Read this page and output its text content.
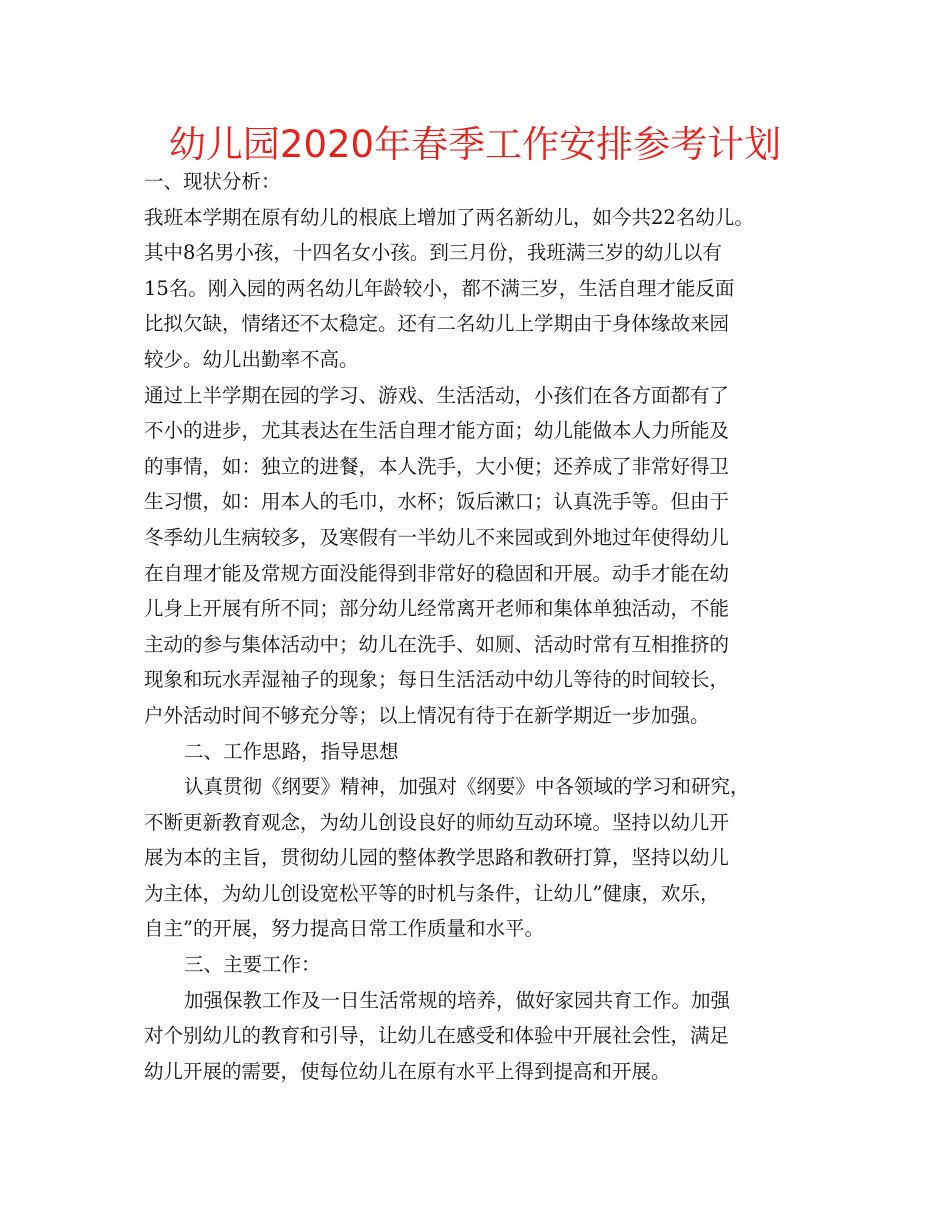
幼儿园2020年春季工作安排参考计划
一、现状分析：
我班本学期在原有幼儿的根底上增加了两名新幼儿，如今共22名幼儿。
其中8名男小孩，十四名女小孩。到三月份，我班满三岁的幼儿以有
15名。刚入园的两名幼儿年龄较小，都不满三岁，生活自理才能反面
比拟欠缺，情绪还不太稳定。还有二名幼儿上学期由于身体缘故来园
较少。幼儿出勤率不高。
通过上半学期在园的学习、游戏、生活活动，小孩们在各方面都有了
不小的进步，尤其表达在生活自理才能方面；幼儿能做本人力所能及
的事情，如：独立的进餐，本人洗手，大小便；还养成了非常好得卫
生习惯，如：用本人的毛巾，水杯；饭后漱口；认真洗手等。但由于
冬季幼儿生病较多，及寒假有一半幼儿不来园或到外地过年使得幼儿
在自理才能及常规方面没能得到非常好的稳固和开展。动手才能在幼
儿身上开展有所不同；部分幼儿经常离开老师和集体单独活动，不能
主动的参与集体活动中；幼儿在洗手、如厕、活动时常有互相推挤的
现象和玩水弄湿袖子的现象；每日生活活动中幼儿等待的时间较长，
户外活动时间不够充分等；以上情况有待于在新学期近一步加强。
二、工作思路，指导思想
认真贯彻《纲要》精神，加强对《纲要》中各领域的学习和研究，
不断更新教育观念，为幼儿创设良好的师幼互动环境。坚持以幼儿开
展为本的主旨，贯彻幼儿园的整体教学思路和教研打算，坚持以幼儿
为主体，为幼儿创设宽松平等的时机与条件，让幼儿”健康，欢乐，
自主”的开展，努力提高日常工作质量和水平。
三、主要工作：
加强保教工作及一日生活常规的培养，做好家园共育工作。加强
对个别幼儿的教育和引导，让幼儿在感受和体验中开展社会性，满足
幼儿开展的需要，使每位幼儿在原有水平上得到提高和开展。
